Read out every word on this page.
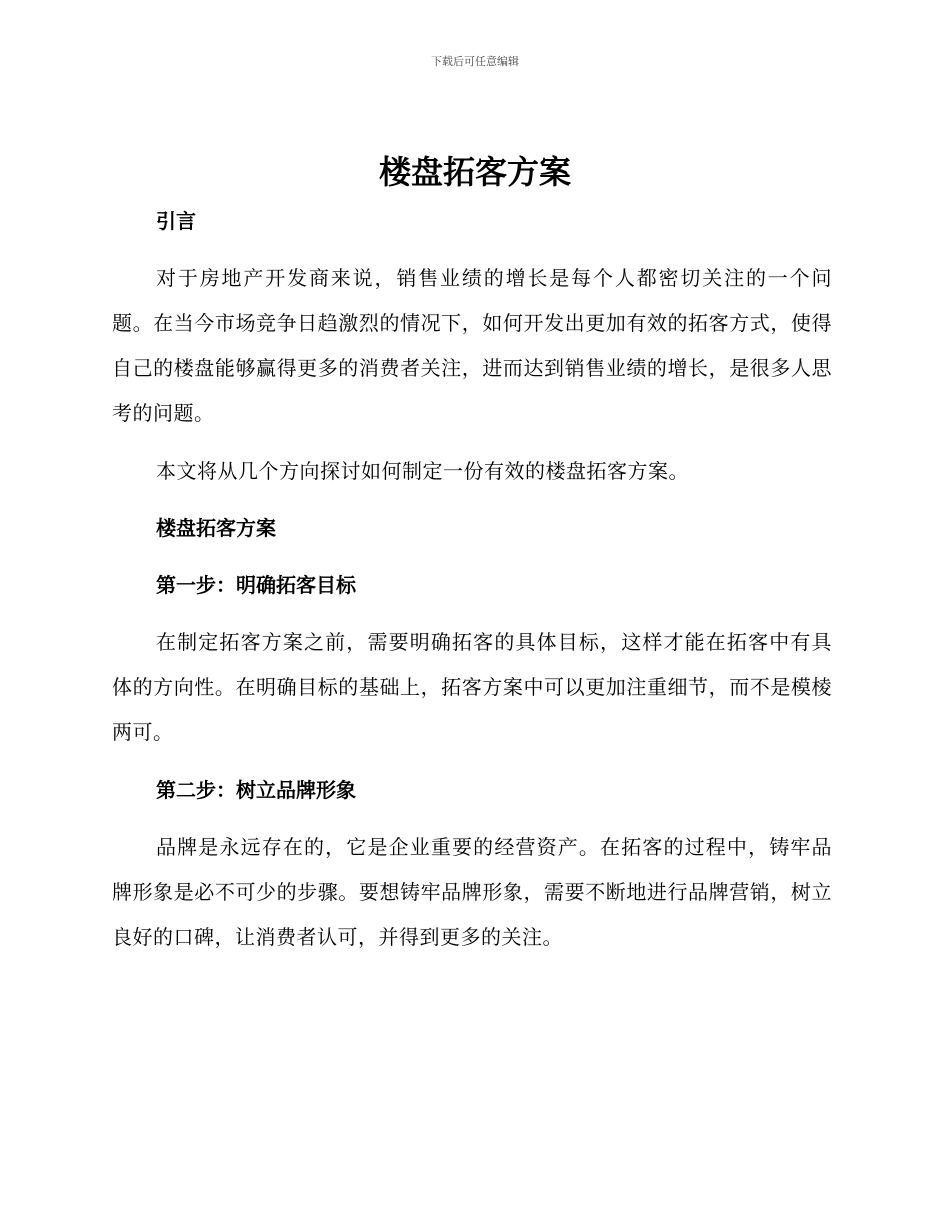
下载后可任意编辑
楼盘拓客方案
引言

对于房地产开发商来说，销售业绩的增长是每个人都密切关注的一个问题。在当今市场竞争日趋激烈的情况下，如何开发出更加有效的拓客方式，使得自己的楼盘能够赢得更多的消费者关注，进而达到销售业绩的增长，是很多人思考的问题。

本文将从几个方向探讨如何制定一份有效的楼盘拓客方案。

楼盘拓客方案
第一步：明确拓客目标

在制定拓客方案之前，需要明确拓客的具体目标，这样才能在拓客中有具体的方向性。在明确目标的基础上，拓客方案中可以更加注重细节，而不是模棱两可。

第二步：树立品牌形象

品牌是永远存在的，它是企业重要的经营资产。在拓客的过程中，铸牢品牌形象是必不可少的步骤。要想铸牢品牌形象，需要不断地进行品牌营销，树立良好的口碑，让消费者认可，并得到更多的关注。
